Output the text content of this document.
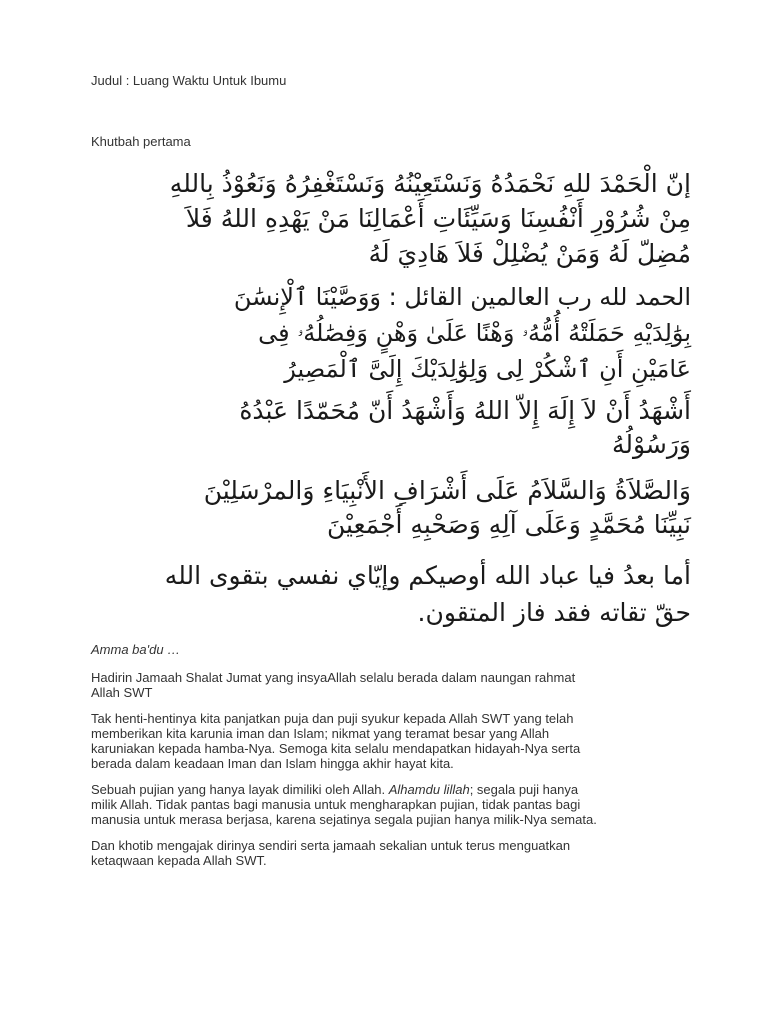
Judul : Luang Waktu Untuk Ibumu

Khutbah pertama

إنّ الْحَمْدَ للهِ نَحْمَدُهُ وَنَسْتَعِيْنُهُ وَنَسْتَغْفِرُهُ وَنَعُوْذُ بِاللهِ
مِنْ شُرُوْرِ أَنْفُسِنَا وَسَيِّئَاتِ أَعْمَالِنَا مَنْ يَهْدِهِ اللهُ فَلاَ
مُضِلّ لَهُ وَمَنْ يُضْلِلْ فَلاَ هَادِيَ لَهُ
الحمد لله رب العالمين القائل : وَوَصَّيْنَا ٱلْإِنسَٰنَ
بِوَٰلِدَيْهِ حَمَلَتْهُ أُمُّهُۥ وَهْنًا عَلَىٰ وَهْنٍ وَفِصَٰلُهُۥ فِى
عَامَيْنِ أَنِ ٱشْكُرْ لِى وَلِوَٰلِدَيْكَ إِلَىَّ ٱلْمَصِيرُ
أَشْهَدُ أَنْ لاَ إِلَهَ إِلاّ اللهُ وَأَشْهَدُ أَنّ مُحَمّدًا عَبْدُهُ
وَرَسُوْلُهُ
وَالصَّلاَةُ وَالسَّلاَمُ عَلَى أَشْرَافِ الأَنْبِيَاءِ وَالمرْسَلِيْنَ
نَبِيِّنَا مُحَمَّدٍ وَعَلَى آلِهِ وَصَحْبِهِ أَجْمَعِيْنَ
أما بعدُ فيا عباد الله أوصيكم وإيّاي نفسي بتقوى الله
حقّ تقاته فقد فاز المتقون.

Amma ba'du …

Hadirin Jamaah Shalat Jumat yang insyaAllah selalu berada dalam naungan rahmat
Allah SWT
Tak henti-hentinya kita panjatkan puja dan puji syukur kepada Allah SWT yang telah
memberikan kita karunia iman dan Islam; nikmat yang teramat besar yang Allah
karuniakan kepada hamba-Nya. Semoga kita selalu mendapatkan hidayah-Nya serta
berada dalam keadaan Iman dan Islam hingga akhir hayat kita.
Sebuah pujian yang hanya layak dimiliki oleh Allah. Alhamdu lillah; segala puji hanya
milik Allah. Tidak pantas bagi manusia untuk mengharapkan pujian, tidak pantas bagi
manusia untuk merasa berjasa, karena sejatinya segala pujian hanya milik-Nya semata.
Dan khotib mengajak dirinya sendiri serta jamaah sekalian untuk terus menguatkan
ketaqwaan kepada Allah SWT.
